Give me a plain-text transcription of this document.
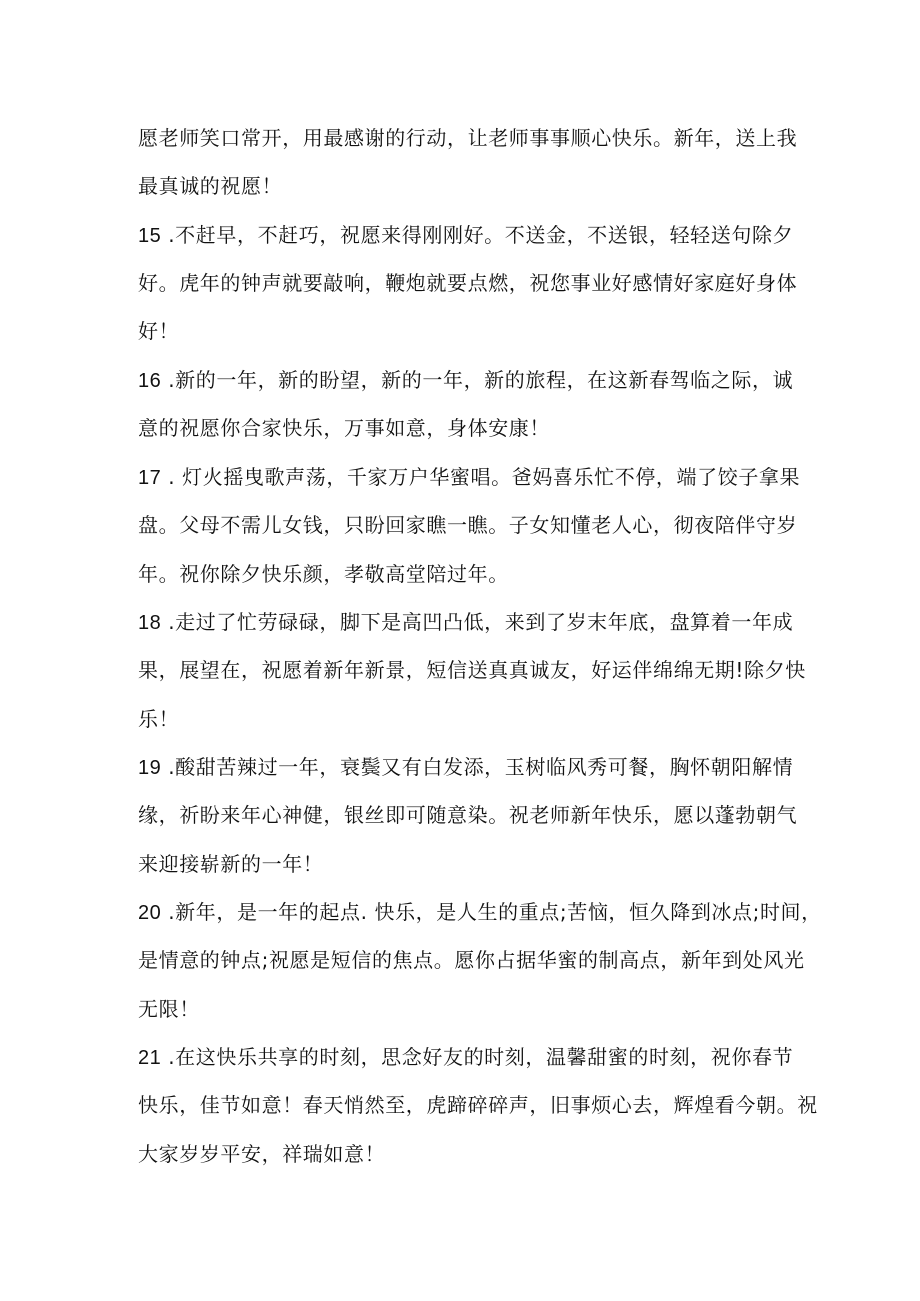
愿老师笑口常开，用最感谢的行动，让老师事事顺心快乐。新年，送上我
最真诚的祝愿！
15 .不赶早，不赶巧，祝愿来得刚刚好。不送金，不送银，轻轻送句除夕
好。虎年的钟声就要敲响，鞭炮就要点燃，祝您事业好感情好家庭好身体
好！
16 .新的一年，新的盼望，新的一年，新的旅程，在这新春驾临之际，诚
意的祝愿你合家快乐，万事如意，身体安康！
17 . 灯火摇曳歌声荡，千家万户华蜜唱。爸妈喜乐忙不停，端了饺子拿果
盘。父母不需儿女钱，只盼回家瞧一瞧。子女知懂老人心，彻夜陪伴守岁
年。祝你除夕快乐颜，孝敬高堂陪过年。
18 .走过了忙劳碌碌，脚下是高凹凸低，来到了岁末年底，盘算着一年成
果，展望在，祝愿着新年新景，短信送真真诚友，好运伴绵绵无期!除夕快
乐！
19 .酸甜苦辣过一年，衰鬓又有白发添，玉树临风秀可餐，胸怀朝阳解情
缘，祈盼来年心神健，银丝即可随意染。祝老师新年快乐，愿以蓬勃朝气
来迎接崭新的一年！
20 .新年，是一年的起点. 快乐，是人生的重点;苦恼，恒久降到冰点;时间，
是情意的钟点;祝愿是短信的焦点。愿你占据华蜜的制高点，新年到处风光
无限！
21 .在这快乐共享的时刻，思念好友的时刻，温馨甜蜜的时刻，祝你春节
快乐，佳节如意！春天悄然至，虎蹄碎碎声，旧事烦心去，辉煌看今朝。祝
大家岁岁平安，祥瑞如意！
